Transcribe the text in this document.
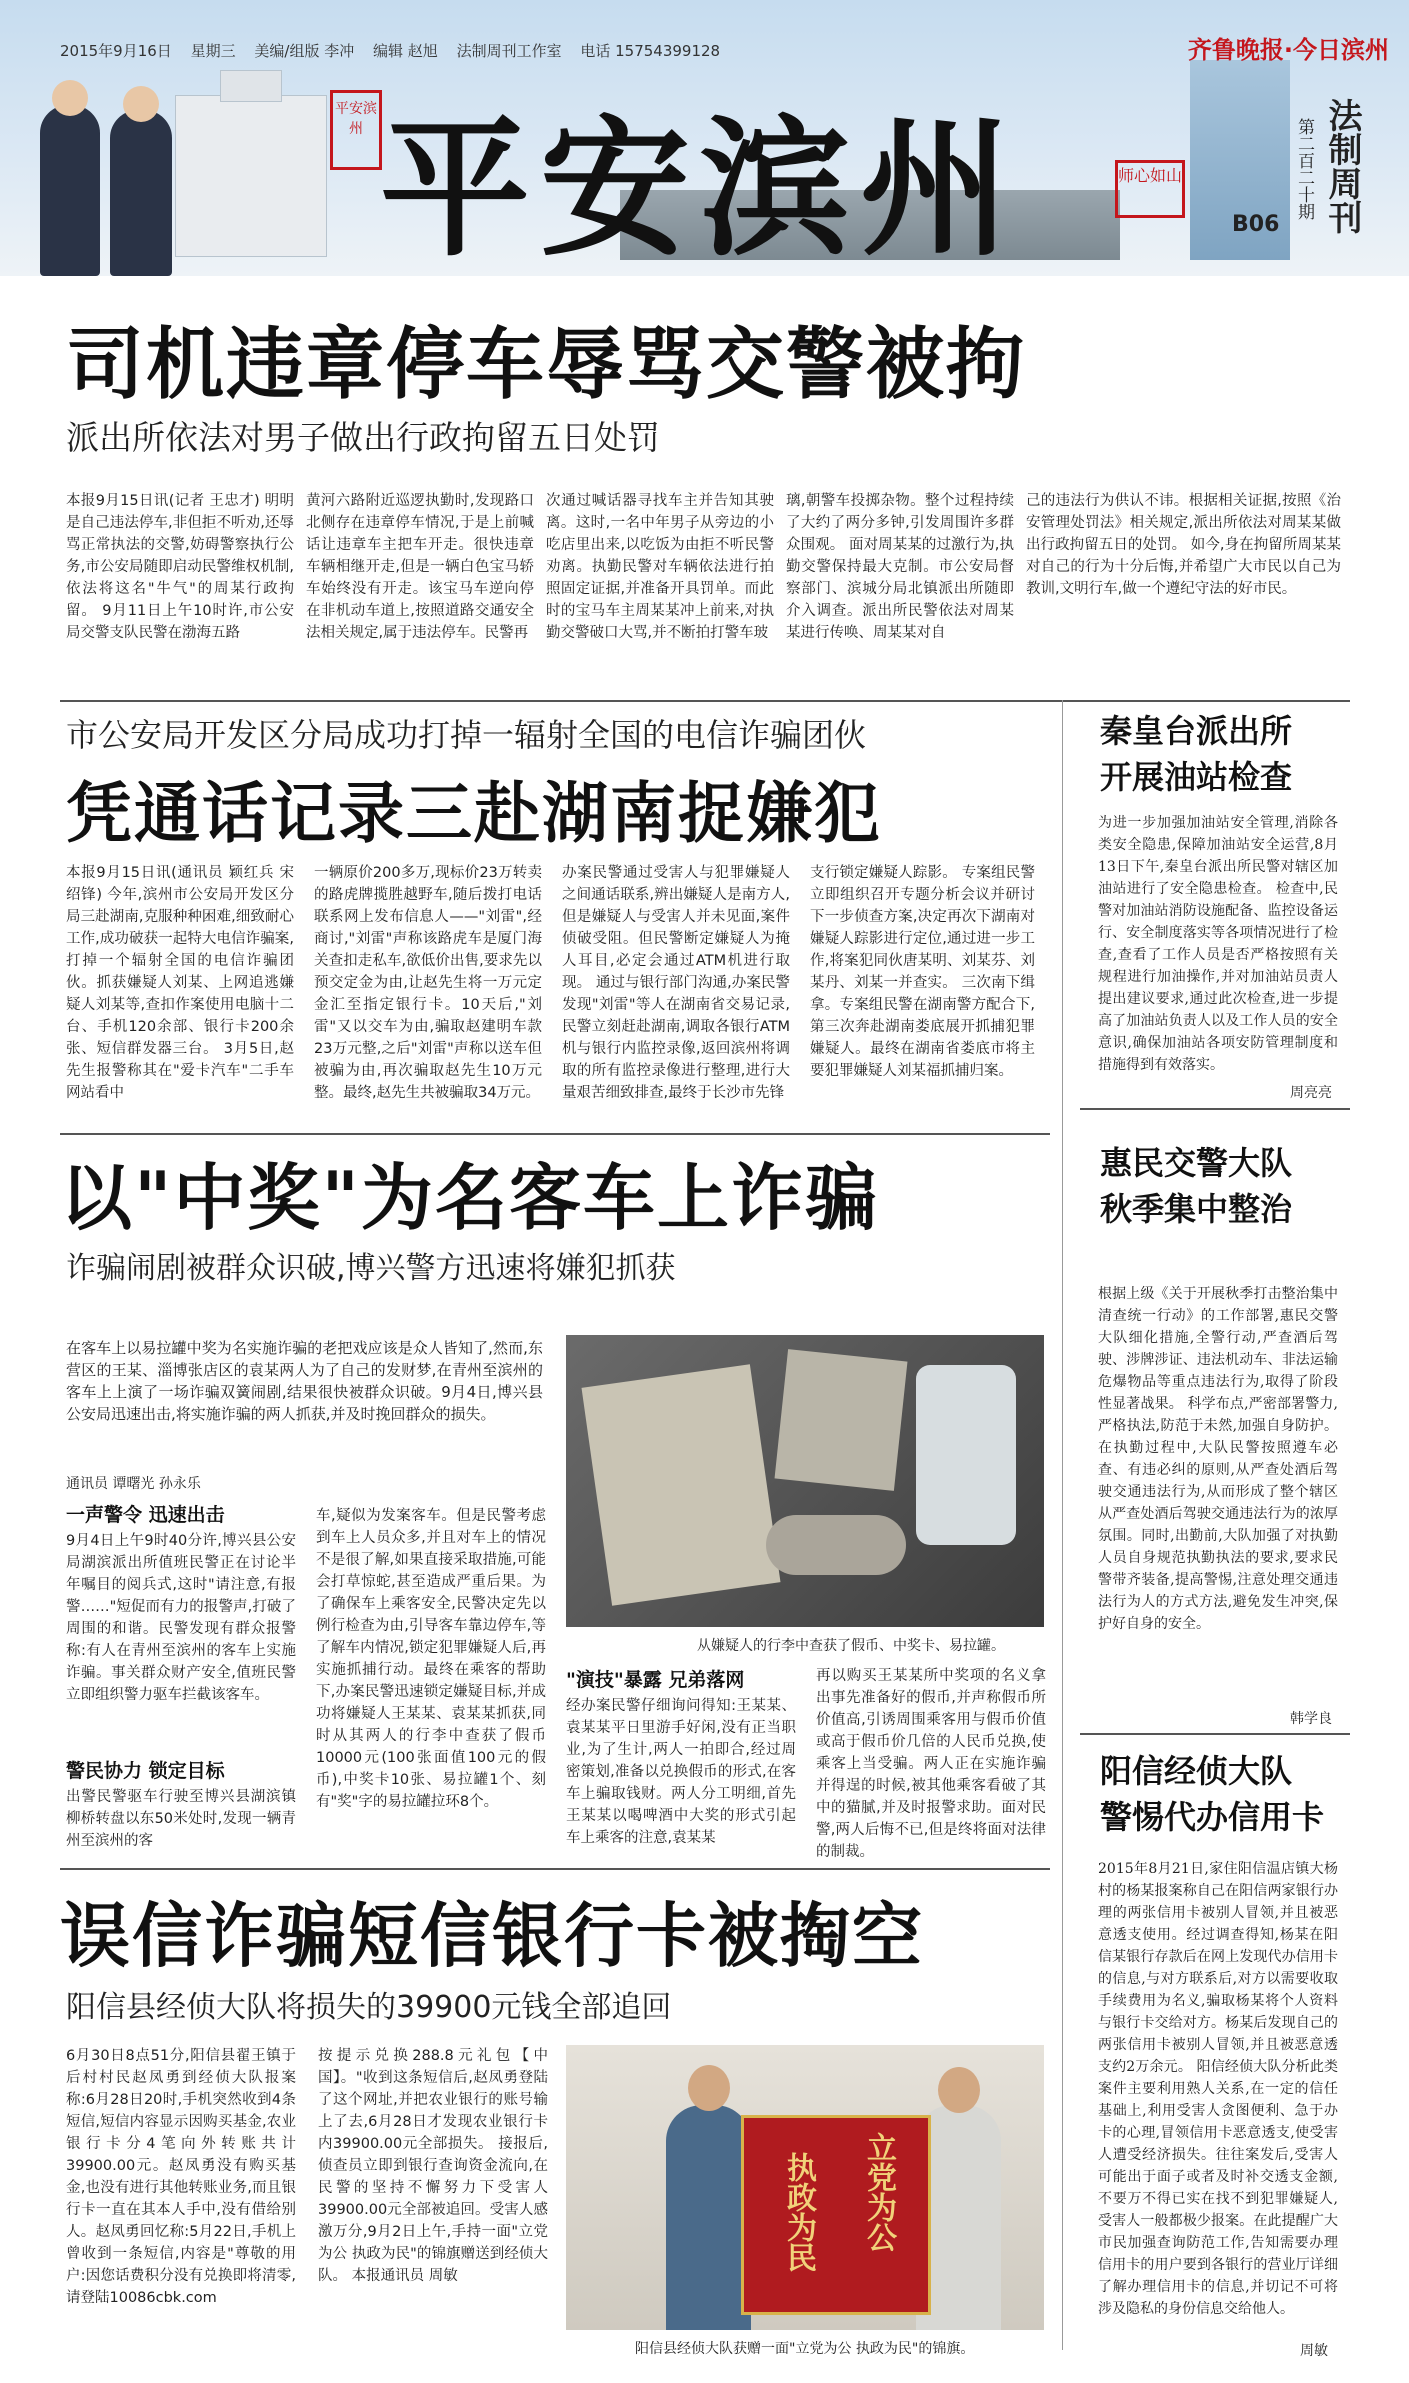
2015年9月16日 星期三 美编/组版 李冲 编辑 赵旭 法制周刊工作室 电话 15754399128	齐鲁晚报·今日滨州
平安滨州 平安滨州	师心如山	第二百二十期 法制周刊
B06
司机违章停车辱骂交警被拘
派出所依法对男子做出行政拘留五日处罚
本报9月15日讯(记者 王忠才) 明明是自己违法停车,非但拒不听劝,还辱骂正常执法的交警,妨碍警察执行公务,市公安局随即启动民警维权机制,依法将这名"牛气"的周某行政拘留。 9月11日上午10时许,市公安局交警支队民警在渤海五路
黄河六路附近巡逻执勤时,发现路口北侧存在违章停车情况,于是上前喊话让违章车主把车开走。很快违章车辆相继开走,但是一辆白色宝马轿车始终没有开走。该宝马车逆向停在非机动车道上,按照道路交通安全法相关规定,属于违法停车。民警再
次通过喊话器寻找车主并告知其驶离。这时,一名中年男子从旁边的小吃店里出来,以吃饭为由拒不听民警劝离。执勤民警对车辆依法进行拍照固定证据,并准备开具罚单。而此时的宝马车主周某某冲上前来,对执勤交警破口大骂,并不断拍打警车玻
璃,朝警车投掷杂物。整个过程持续了大约了两分多钟,引发周围许多群众围观。 面对周某某的过激行为,执勤交警保持最大克制。市公安局督察部门、滨城分局北镇派出所随即介入调查。派出所民警依法对周某某进行传唤、周某某对自
己的违法行为供认不讳。根据相关证据,按照《治安管理处罚法》相关规定,派出所依法对周某某做出行政拘留五日的处罚。 如今,身在拘留所周某某对自己的行为十分后悔,并希望广大市民以自己为教训,文明行车,做一个遵纪守法的好市民。
市公安局开发区分局成功打掉一辐射全国的电信诈骗团伙
凭通话记录三赴湖南捉嫌犯
本报9月15日讯(通讯员 颖红兵 宋绍锋) 今年,滨州市公安局开发区分局三赴湖南,克服种种困难,细致耐心工作,成功破获一起特大电信诈骗案,打掉一个辐射全国的电信诈骗团伙。抓获嫌疑人刘某、上网追逃嫌疑人刘某等,查扣作案使用电脑十二台、手机120余部、银行卡200余张、短信群发器三台。 3月5日,赵先生报警称其在"爱卡汽车"二手车网站看中
一辆原价200多万,现标价23万转卖的路虎牌揽胜越野车,随后拨打电话联系网上发布信息人——"刘雷",经商讨,"刘雷"声称该路虎车是厦门海关查扣走私车,欲低价出售,要求先以预交定金为由,让赵先生将一万元定金汇至指定银行卡。10天后,"刘雷"又以交车为由,骗取赵建明车款23万元整,之后"刘雷"声称以送车但被骗为由,再次骗取赵先生10万元整。最终,赵先生共被骗取34万元。
办案民警通过受害人与犯罪嫌疑人之间通话联系,辨出嫌疑人是南方人,但是嫌疑人与受害人并未见面,案件侦破受阻。但民警断定嫌疑人为掩人耳目,必定会通过ATM机进行取现。 通过与银行部门沟通,办案民警发现"刘雷"等人在湖南省交易记录,民警立刻赶赴湖南,调取各银行ATM机与银行内监控录像,返回滨州将调取的所有监控录像进行整理,进行大量艰苦细致排查,最终于长沙市先锋
支行锁定嫌疑人踪影。 专案组民警立即组织召开专题分析会议并研讨下一步侦查方案,决定再次下湖南对嫌疑人踪影进行定位,通过进一步工作,将案犯同伙唐某明、刘某芬、刘某丹、刘某一并查实。 三次南下缉拿。专案组民警在湖南警方配合下,第三次奔赴湖南娄底展开抓捕犯罪嫌疑人。最终在湖南省娄底市将主要犯罪嫌疑人刘某福抓捕归案。
以"中奖"为名客车上诈骗
诈骗闹剧被群众识破,博兴警方迅速将嫌犯抓获
在客车上以易拉罐中奖为名实施诈骗的老把戏应该是众人皆知了,然而,东营区的王某、淄博张店区的袁某两人为了自己的发财梦,在青州至滨州的客车上上演了一场诈骗双簧闹剧,结果很快被群众识破。9月4日,博兴县公安局迅速出击,将实施诈骗的两人抓获,并及时挽回群众的损失。
通讯员 谭曙光 孙永乐
从嫌疑人的行李中查获了假币、中奖卡、易拉罐。
一声警令 迅速出击
9月4日上午9时40分许,博兴县公安局湖滨派出所值班民警正在讨论半年嘱目的阅兵式,这时"请注意,有报警……"短促而有力的报警声,打破了周围的和谐。民警发现有群众报警称:有人在青州至滨州的客车上实施诈骗。事关群众财产安全,值班民警立即组织警力驱车拦截该客车。
警民协力 锁定目标
出警民警驱车行驶至博兴县湖滨镇柳桥转盘以东50米处时,发现一辆青州至滨州的客
车,疑似为发案客车。但是民警考虑到车上人员众多,并且对车上的情况不是很了解,如果直接采取措施,可能会打草惊蛇,甚至造成严重后果。为了确保车上乘客安全,民警决定先以例行检查为由,引导客车靠边停车,等了解车内情况,锁定犯罪嫌疑人后,再实施抓捕行动。最终在乘客的帮助下,办案民警迅速锁定嫌疑目标,并成功将嫌疑人王某某、袁某某抓获,同时从其两人的行李中查获了假币10000元(100张面值100元的假币),中奖卡10张、易拉罐1个、刻有"奖"字的易拉罐拉环8个。
"演技"暴露 兄弟落网
经办案民警仔细询问得知:王某某、袁某某平日里游手好闲,没有正当职业,为了生计,两人一拍即合,经过周密策划,准备以兑换假币的形式,在客车上骗取钱财。两人分工明细,首先王某某以喝啤酒中大奖的形式引起车上乘客的注意,袁某某
再以购买王某某所中奖项的名义拿出事先准备好的假币,并声称假币所价值高,引诱周围乘客用与假币价值或高于假币价几倍的人民币兑换,使乘客上当受骗。两人正在实施诈骗并得逞的时候,被其他乘客看破了其中的猫腻,并及时报警求助。面对民警,两人后悔不已,但是终将面对法律的制裁。
误信诈骗短信银行卡被掏空
阳信县经侦大队将损失的39900元钱全部追回
6月30日8点51分,阳信县翟王镇于后村村民赵凤勇到经侦大队报案称:6月28日20时,手机突然收到4条短信,短信内容显示因购买基金,农业银行卡分4笔向外转账共计39900.00元。赵凤勇没有购买基金,也没有进行其他转账业务,而且银行卡一直在其本人手中,没有借给别人。赵凤勇回忆称:5月22日,手机上曾收到一条短信,内容是"尊敬的用户:因您话费积分没有兑换即将清零,请登陆10086cbk.com
按提示兑换288.8元礼包【中国】。"收到这条短信后,赵凤勇登陆了这个网址,并把农业银行的账号输上了去,6月28日才发现农业银行卡内39900.00元全部损失。 接报后,侦查员立即到银行查询资金流向,在民警的坚持不懈努力下受害人39900.00元全部被追回。受害人感激万分,9月2日上午,手持一面"立党为公 执政为民"的锦旗赠送到经侦大队。 本报通讯员 周敏
立党为公
执政为民
阳信县经侦大队获赠一面"立党为公 执政为民"的锦旗。
秦皇台派出所
开展油站检查
为进一步加强加油站安全管理,消除各类安全隐患,保障加油站安全运营,8月13日下午,秦皇台派出所民警对辖区加油站进行了安全隐患检查。 检查中,民警对加油站消防设施配备、监控设备运行、安全制度落实等各项情况进行了检查,查看了工作人员是否严格按照有关规程进行加油操作,并对加油站员责人提出建议要求,通过此次检查,进一步提高了加油站负责人以及工作人员的安全意识,确保加油站各项安防管理制度和措施得到有效落实。
周亮亮
惠民交警大队
秋季集中整治
根据上级《关于开展秋季打击整治集中清查统一行动》的工作部署,惠民交警大队细化措施,全警行动,严查酒后驾驶、涉牌涉证、违法机动车、非法运输危爆物品等重点违法行为,取得了阶段性显著战果。 科学布点,严密部署警力,严格执法,防范于未然,加强自身防护。在执勤过程中,大队民警按照遵车必查、有违必纠的原则,从严查处酒后驾驶交通违法行为,从而形成了整个辖区从严查处酒后驾驶交通违法行为的浓厚氛围。同时,出勤前,大队加强了对执勤人员自身规范执勤执法的要求,要求民警带齐装备,提高警惕,注意处理交通违法行为人的方式方法,避免发生冲突,保护好自身的安全。
韩学良
阳信经侦大队
警惕代办信用卡
2015年8月21日,家住阳信温店镇大杨村的杨某报案称自己在阳信两家银行办理的两张信用卡被别人冒领,并且被恶意透支使用。经过调查得知,杨某在阳信某银行存款后在网上发现代办信用卡的信息,与对方联系后,对方以需要收取手续费用为名义,骗取杨某将个人资料与银行卡交给对方。杨某后发现自己的两张信用卡被别人冒领,并且被恶意透支约2万余元。 阳信经侦大队分析此类案件主要利用熟人关系,在一定的信任基础上,利用受害人贪图便利、急于办卡的心理,冒领信用卡恶意透支,使受害人遭受经济损失。往往案发后,受害人可能出于面子或者及时补交透支金额,不要万不得已实在找不到犯罪嫌疑人,受害人一般都极少报案。在此提醒广大市民加强查询防范工作,告知需要办理信用卡的用户要到各银行的营业厅详细了解办理信用卡的信息,并切记不可将涉及隐私的身份信息交给他人。
周敏
